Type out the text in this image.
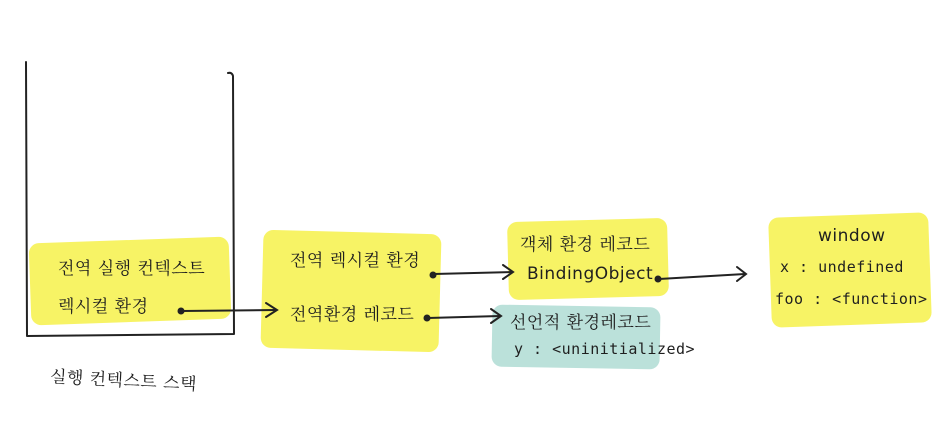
전역 실행 컨텍스트
렉시컬 환경
실행 컨텍스트 스택
전역 렉시컬 환경
전역환경 레코드
객체 환경 레코드
BindingObject
선언적 환경레코드
y : <uninitialized>
window
x : undefined
foo : <function>
